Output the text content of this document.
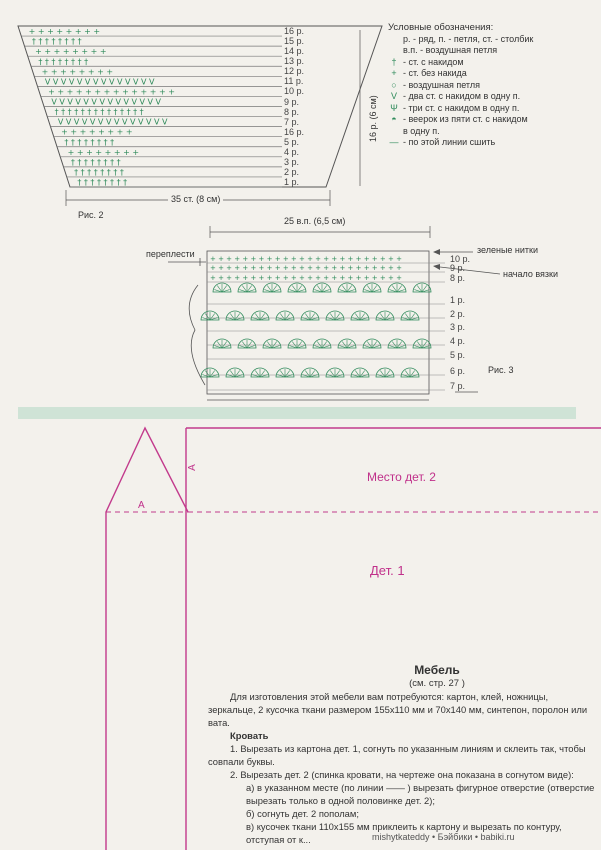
+ + + + + + + +
† † † † † † † †
+ + + + + + + +
† † † † † † † †
+ + + + + + + +
V V V V V V V V V V V V V V
+ + + + + + + + + + + + + +
V V V V V V V V V V V V V V
† † † † † † † † † † † † † †
V V V V V V V V V V V V V V
+ + + + + + + +
† † † † † † † †
+ + + + + + + +
† † † † † † † †
† † † † † † † †
† † † † † † † †
16 р.
15 р.
14 р.
13 р.
12 р.
11 р.
10 р.
9 р.
8 р.
7 р.
16 р.
5 р.
4 р.
3 р.
2 р.
1 р.
35 ст. (8 см)
Рис. 2
16 р. (6 см)
Условные обозначения:
р. - ряд, п. - петля, ст. - столбик
в.п. - воздушная петля
† - ст. с накидом
+ - ст. без накида
○ - воздушная петля
V - два ст. с накидом в одну п.
Ψ - три ст. с накидом в одну п.
◓ - веерок из пяти ст. с накидом
в одну п.
— - по этой линии сшить
+ + + + + + + + + + + + + + + + + + + + + + + +
+ + + + + + + + + + + + + + + + + + + + + + + +
+ + + + + + + + + + + + + + + + + + + + + + + +
10 р.
9 р.
8 р.
1 р.
2 р.
3 р.
4 р.
5 р.
6 р.
7 р.
25 в.п. (6,5 см)
переплести	зеленые нитки
начало вязки
Рис. 3
A
A
Место дет. 2
Дет. 1
Мебель
(см. стр. 27 )

Для изготовления этой мебели вам потребуются: картон, клей, ножницы, зеркальце, 2 кусочка ткани размером 155х110 мм и 70х140 мм, синтепон, поролон или вата.

Кровать

1. Вырезать из картона дет. 1, согнуть по указанным линиям и склеить так, чтобы совпали буквы.

2. Вырезать дет. 2 (спинка кровати, на чертеже она показана в согнутом виде):

а) в указанном месте (по линии —— ) вырезать фигурное отверстие (отверстие вырезать только в одной половинке дет. 2);

б) согнуть дет. 2 пополам;

в) кусочек ткани 110х155 мм приклеить к картону и вырезать по контуру, отступая от к...	mishytkateddy • Бэйбики • babiki.ru
